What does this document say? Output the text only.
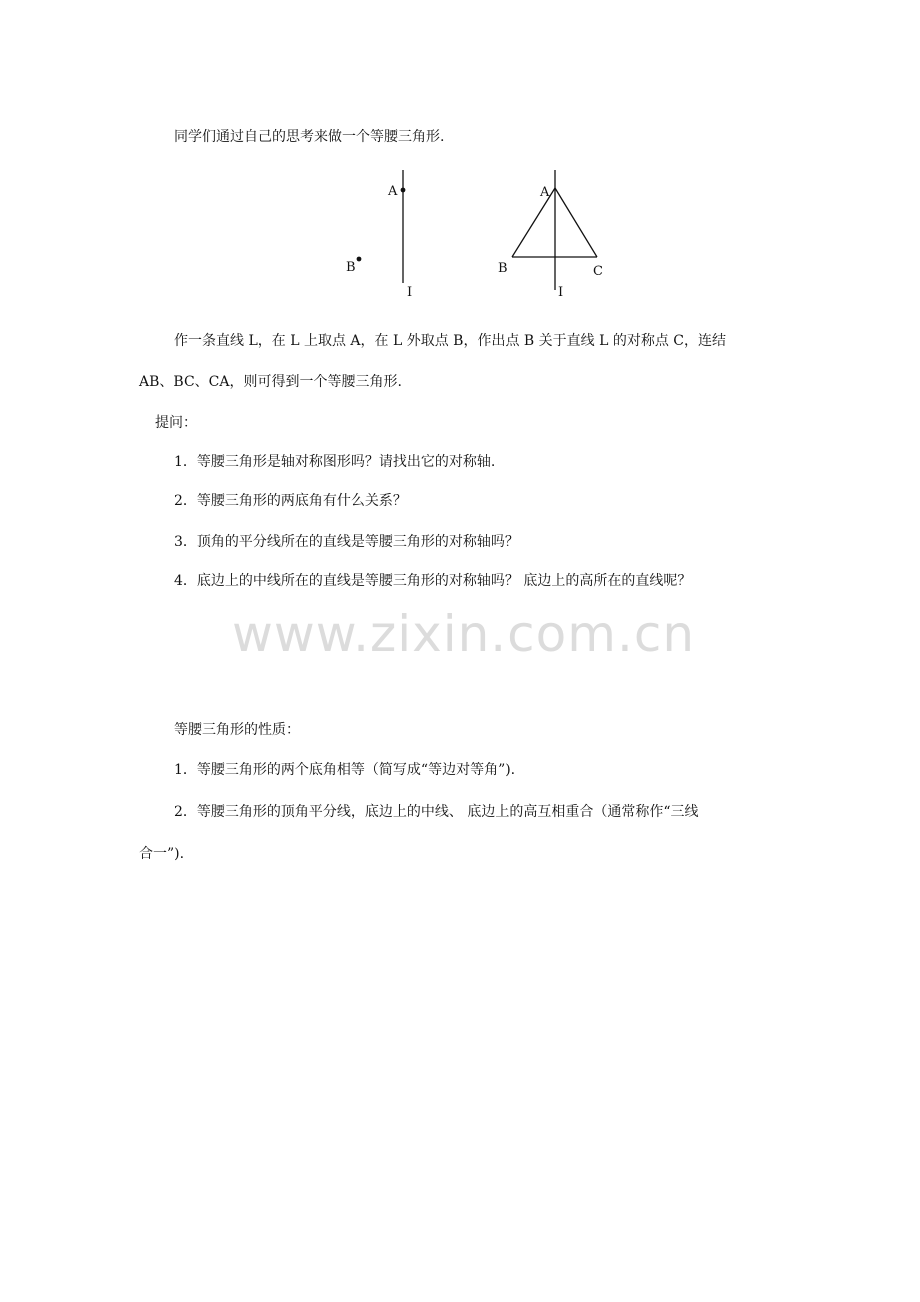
同学们通过自己的思考来做一个等腰三角形.

A
B
I
A
B	C
I

作一条直线 L，在 L 上取点 A，在 L 外取点 B，作出点 B 关于直线 L 的对称点 C，连结

AB、BC、CA，则可得到一个等腰三角形.

提问：

1．等腰三角形是轴对称图形吗？请找出它的对称轴.

2．等腰三角形的两底角有什么关系？

3．顶角的平分线所在的直线是等腰三角形的对称轴吗？

4．底边上的中线所在的直线是等腰三角形的对称轴吗？ 底边上的高所在的直线呢？

www.zixin.com.cn

等腰三角形的性质：

1．等腰三角形的两个底角相等（简写成“等边对等角”).

2．等腰三角形的顶角平分线，底边上的中线、 底边上的高互相重合（通常称作“三线

合一”).
